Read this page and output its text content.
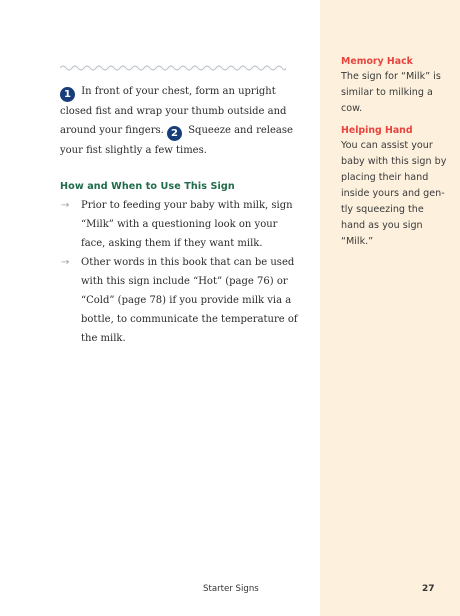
1 In front of your chest, form an upright closed fist and wrap your thumb outside and around your fingers. 2 Squeeze and release your fist slightly a few times.

How and When to Use This Sign
→ Prior to feeding your baby with milk, sign “Milk” with a questioning look on your face, asking them if they want milk.
→ Other words in this book that can be used with this sign include “Hot” (page 76) or “Cold” (page 78) if you provide milk via a bottle, to communicate the temperature of the milk.
Memory Hack

The sign for “Milk” is similar to milking a cow.

Helping Hand

You can assist your baby with this sign by placing their hand inside yours and gen-tly squeezing the hand as you sign “Milk.”

Starter Signs	27
